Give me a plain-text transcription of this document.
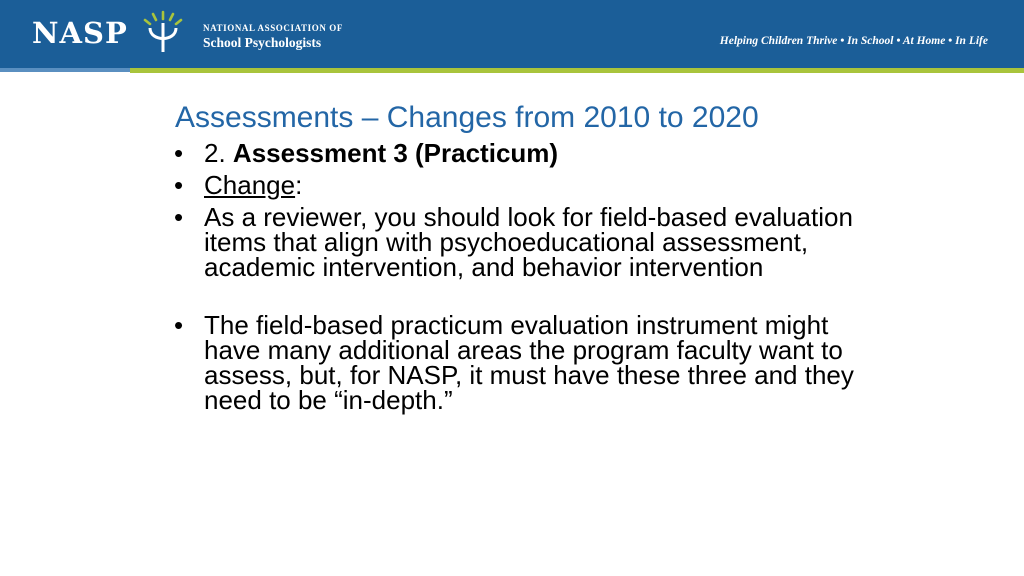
NASP	NATIONAL ASSOCIATION OF
School Psychologists	Helping Children Thrive • In School • At Home • In Life
Assessments – Changes from 2010 to 2020
• 2. Assessment 3 (Practicum)
• Change:
• As a reviewer, you should look for field-based evaluation items that align with psychoeducational assessment, academic intervention, and behavior intervention
• The field-based practicum evaluation instrument might have many additional areas the program faculty want to assess, but, for NASP, it must have these three and they need to be “in-depth.”
